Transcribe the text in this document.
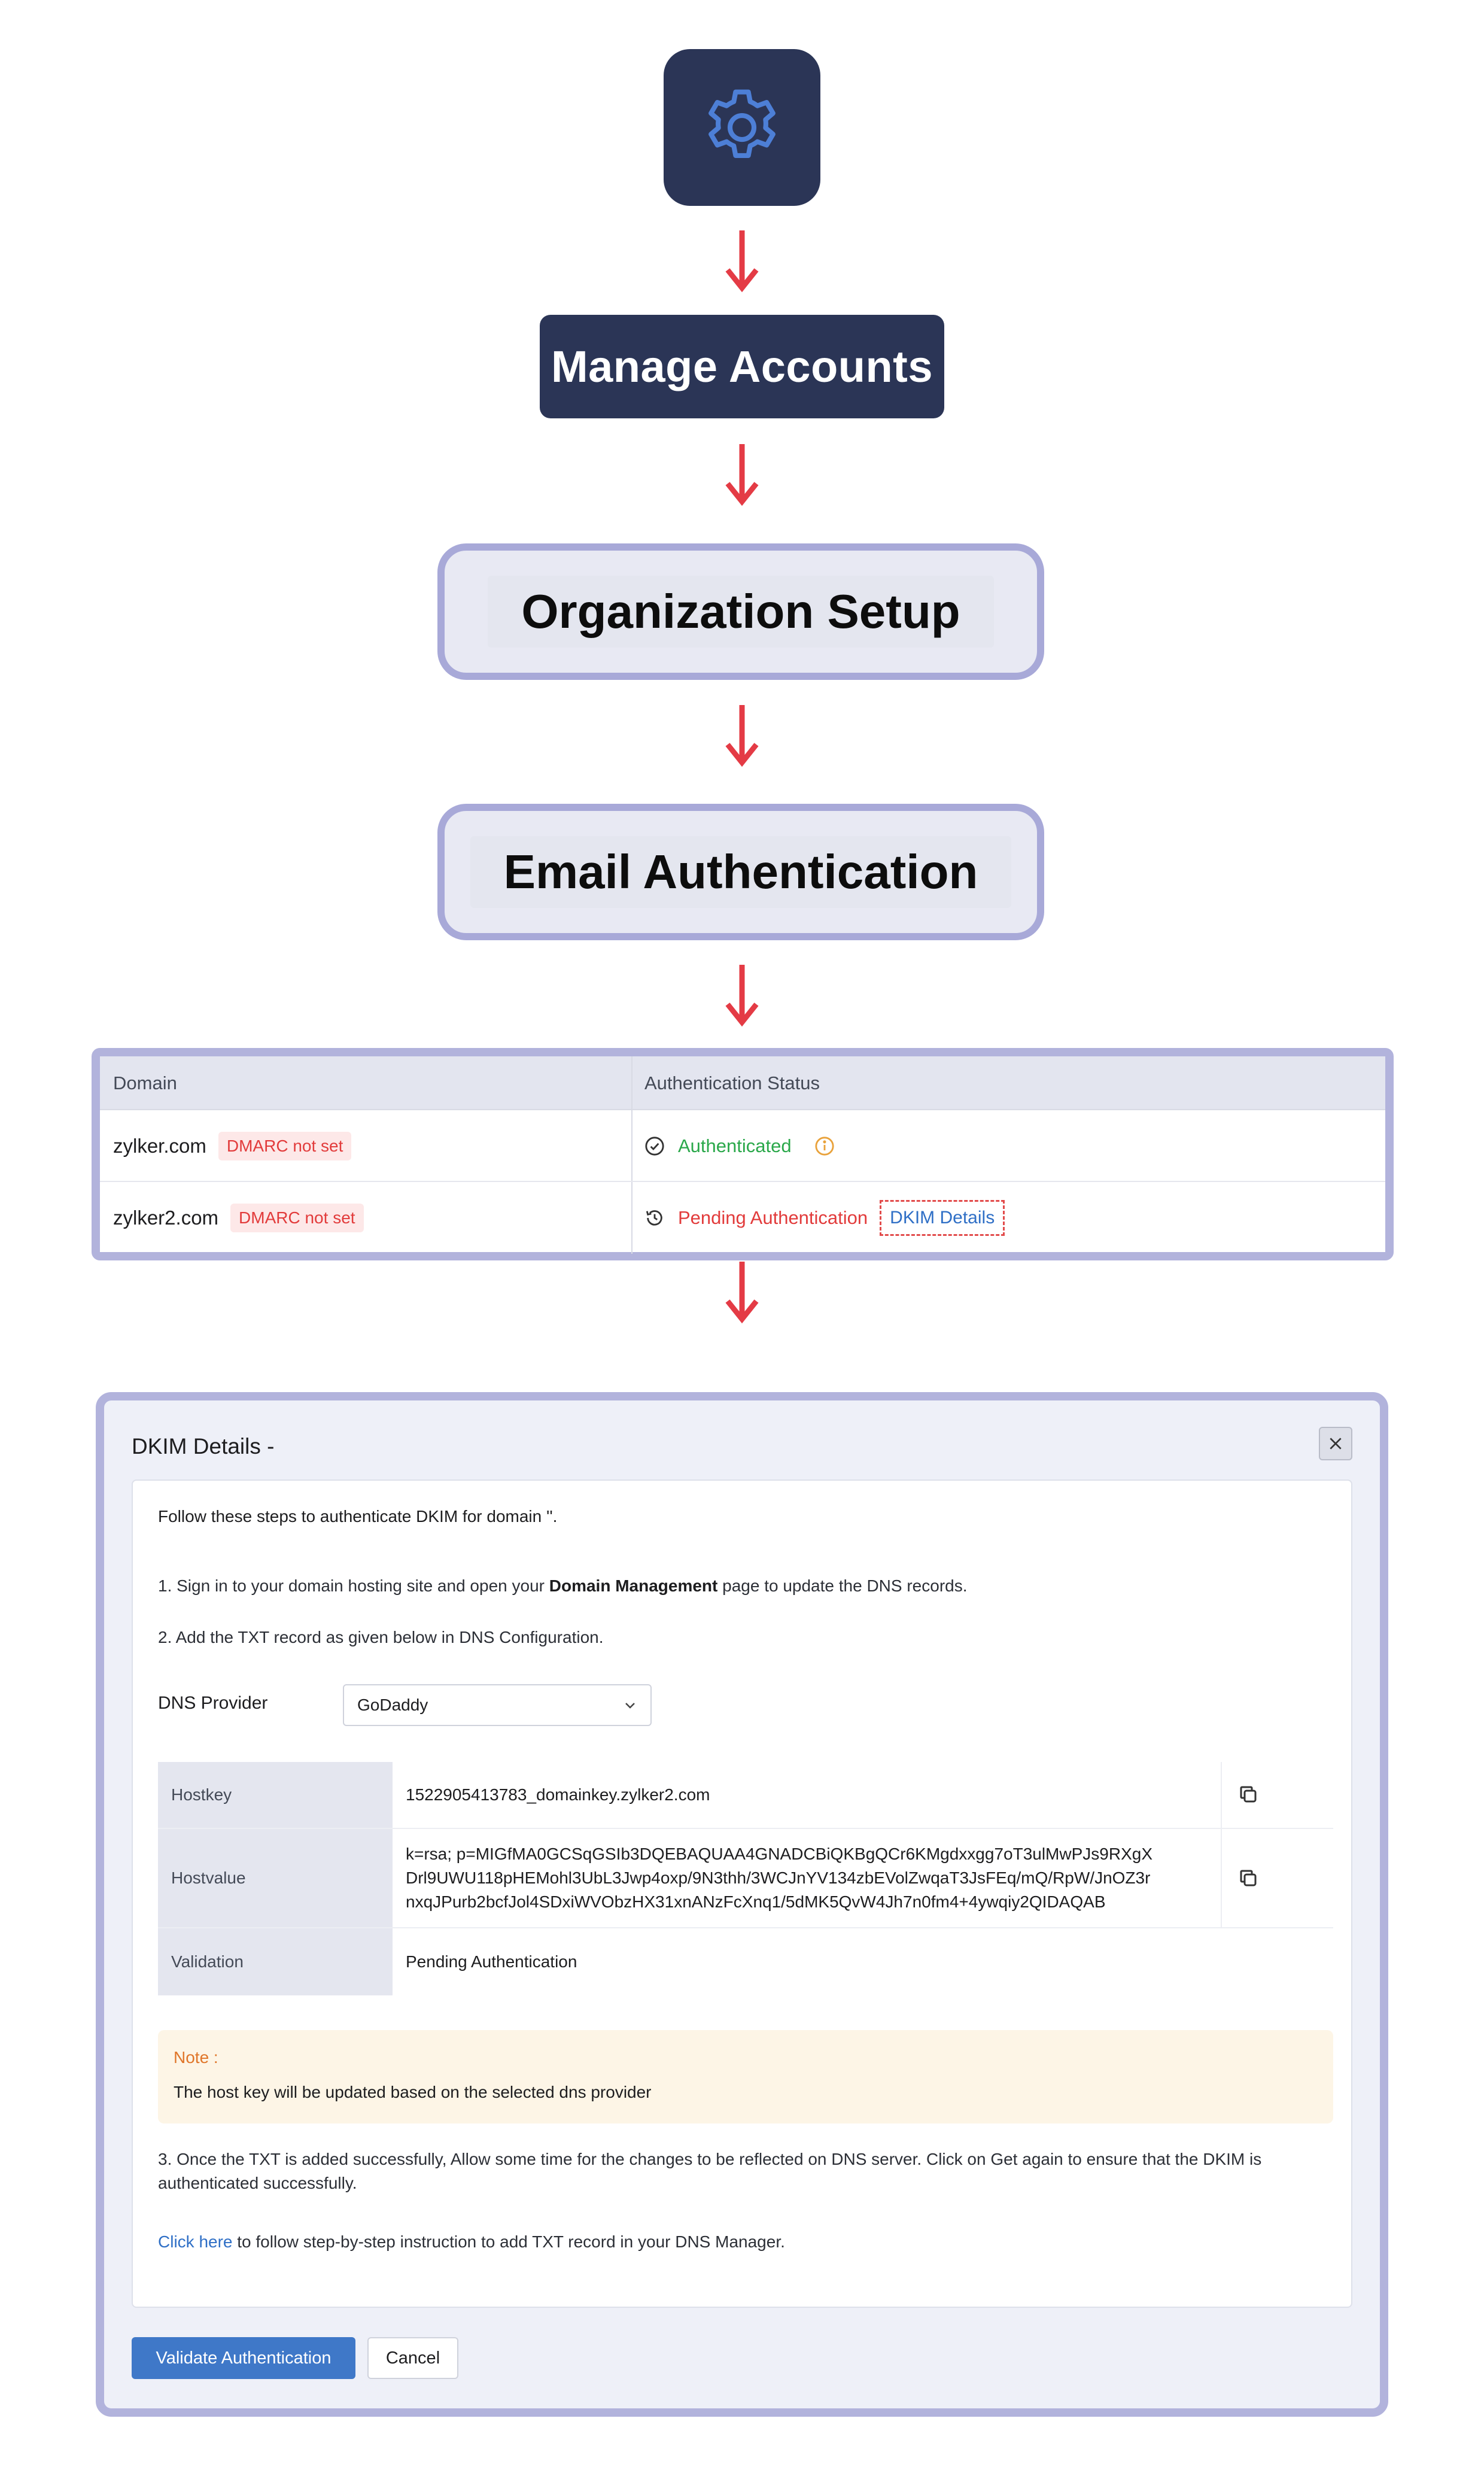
Manage Accounts
Organization Setup
Email Authentication
Domain	Authentication Status
zylker.com	DMARC not set	Authenticated
zylker2.com	DMARC not set	Pending Authentication	DKIM Details
DKIM Details -
Follow these steps to authenticate DKIM for domain ''.
1. Sign in to your domain hosting site and open your Domain Management page to update the DNS records.
2. Add the TXT record as given below in DNS Configuration.
DNS Provider	GoDaddy
Hostkey	1522905413783_domainkey.zylker2.com
Hostvalue
k=rsa; p=MIGfMA0GCSqGSIb3DQEBAQUAA4GNADCBiQKBgQCr6KMgdxxgg7oT3ulMwPJs9RXgX
Drl9UWU118pHEMohl3UbL3Jwp4oxp/9N3thh/3WCJnYV134zbEVolZwqaT3JsFEq/mQ/RpW/JnOZ3r
nxqJPurb2bcfJol4SDxiWVObzHX31xnANzFcXnq1/5dMK5QvW4Jh7n0fm4+4ywqiy2QIDAQAB
Validation	Pending Authentication
Note :
The host key will be updated based on the selected dns provider
3. Once the TXT is added successfully, Allow some time for the changes to be reflected on DNS server. Click on Get again to ensure that the DKIM is
authenticated successfully.
Click here to follow step-by-step instruction to add TXT record in your DNS Manager.
Validate Authentication	Cancel
